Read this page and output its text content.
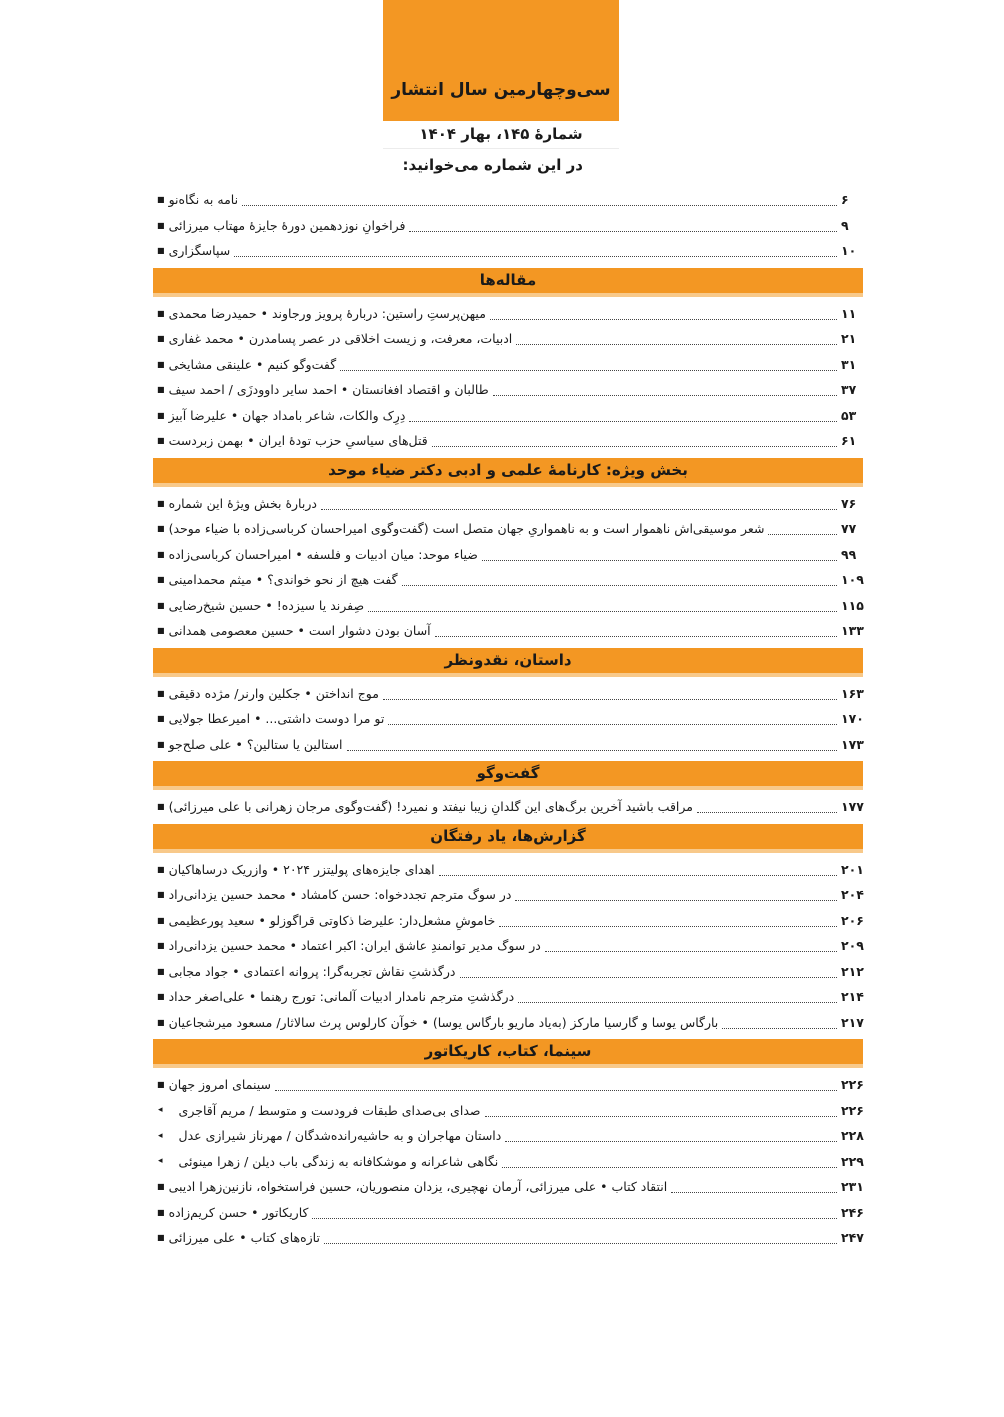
سی‌وچهارمین سال انتشار
شمارۀ ۱۴۵، بهار ۱۴۰۴
در این شماره می‌خوانید:
■ نامه به نگاه‌نو	۶
■ فراخوانِ نوزدهمین دورۀ جایزۀ مهتاب میرزائی	۹
■ سپاسگزاری	۱۰
مقاله‌ها
■ میهن‌پرستِ راستین: دربارۀ پرویز ورجاوند • حمیدرضا محمدی	۱۱
■ ادبیات، معرفت، و زیست اخلاقی در عصر پسامدرن • محمد غفاری	۲۱
■ گفت‌وگو کنیم • علینقی مشایخی	۳۱
■ طالبان و اقتصاد افغانستان • احمد سایر داوودزَی / احمد سیف	۳۷
■ دِرِک والکات، شاعر بامداد جهان • علیرضا آبیز	۵۳
■ قتل‌های سیاسیِ حزب تودۀ ایران • بهمن زبردست	۶۱
بخش ویژه: کارنامۀ علمی و ادبی دکتر ضیاء موحد
■ دربارۀ بخش ویژۀ این شماره	۷۶
■ شعر موسیقی‌اش ناهموار است و به ناهمواریِ جهان متصل است (گفت‌وگوی امیراحسان کرباسی‌زاده با ضیاء موحد)	۷۷
■ ضیاء موحد: میان ادبیات و فلسفه • امیراحسان کرباسی‌زاده	۹۹
■ گفت هیچ از نحو خواندی؟ • میثم محمدامینی	۱۰۹
■ صِفرند یا سیزده! • حسین شیخ‌رضایی	۱۱۵
■ آسان بودن دشوار است • حسین معصومی همدانی	۱۳۳
داستان، نقد‌و‌نظر
■ موج انداختن • جکلین وارنر/ مژده دقیقی	۱۶۳
■ تو مرا دوست داشتی... • امیرعطا جولایی	۱۷۰
■ استالین یا ستالین؟ • علی صلح‌جو	۱۷۳
گفت‌وگو
■ مراقب باشید آخرین برگ‌های این گلدانِ زیبا نیفتد و نمیرد! (گفت‌وگوی مرجان زهرانی با علی میرزائی)	۱۷۷
گزارش‌ها، یاد رفتگان
■ اهدای جایزه‌های پولیتزر ۲۰۲۴ • وازریک درساهاکیان	۲۰۱
■ در سوگ مترجم تجددخواه: حسن کامشاد • محمد حسین یزدانی‌راد	۲۰۴
■ خاموشِ مشعل‌دار: علیرضا ذکاوتی قراگوزلو • سعید پورعظیمی	۲۰۶
■ در سوگ مدیر توانمندِ عاشق ایران: اکبر اعتماد • محمد حسین یزدانی‌راد	۲۰۹
■ درگذشتِ نقاش تجربه‌گرا: پروانه اعتمادی • جواد مجابی	۲۱۲
■ درگذشتِ مترجم نامدار ادبیات آلمانی: تورج رهنما • علی‌اصغر حداد	۲۱۴
■ بارگاس یوسا و گارسیا مارکز (به‌یاد ماریو بارگاس یوسا) • خوآن کارلوس پرث سالاثار/ مسعود میرشجاعیان	۲۱۷
سینما، کتاب، کاریکاتور
■ سینمای امروز جهان	۲۲۶
◂	صدای بی‌صدای طبقات فرودست و متوسط / مریم آقاجری	۲۲۶
◂	داستان مهاجران و به حاشیه‌رانده‌شدگان / مهرناز شیرازی عدل	۲۲۸
◂	نگاهی شاعرانه و موشکافانه به زندگی باب دیلن / زهرا مینوئی	۲۲۹
■ انتقاد کتاب • علی میرزائی، آرمان نهچیری، یزدان منصوریان، حسین فراستخواه، نازنین‌زهرا ادیبی	۲۳۱
■ کاریکاتور • حسن کریم‌زاده	۲۴۶
■ تازه‌های کتاب • علی میرزائی	۲۴۷
